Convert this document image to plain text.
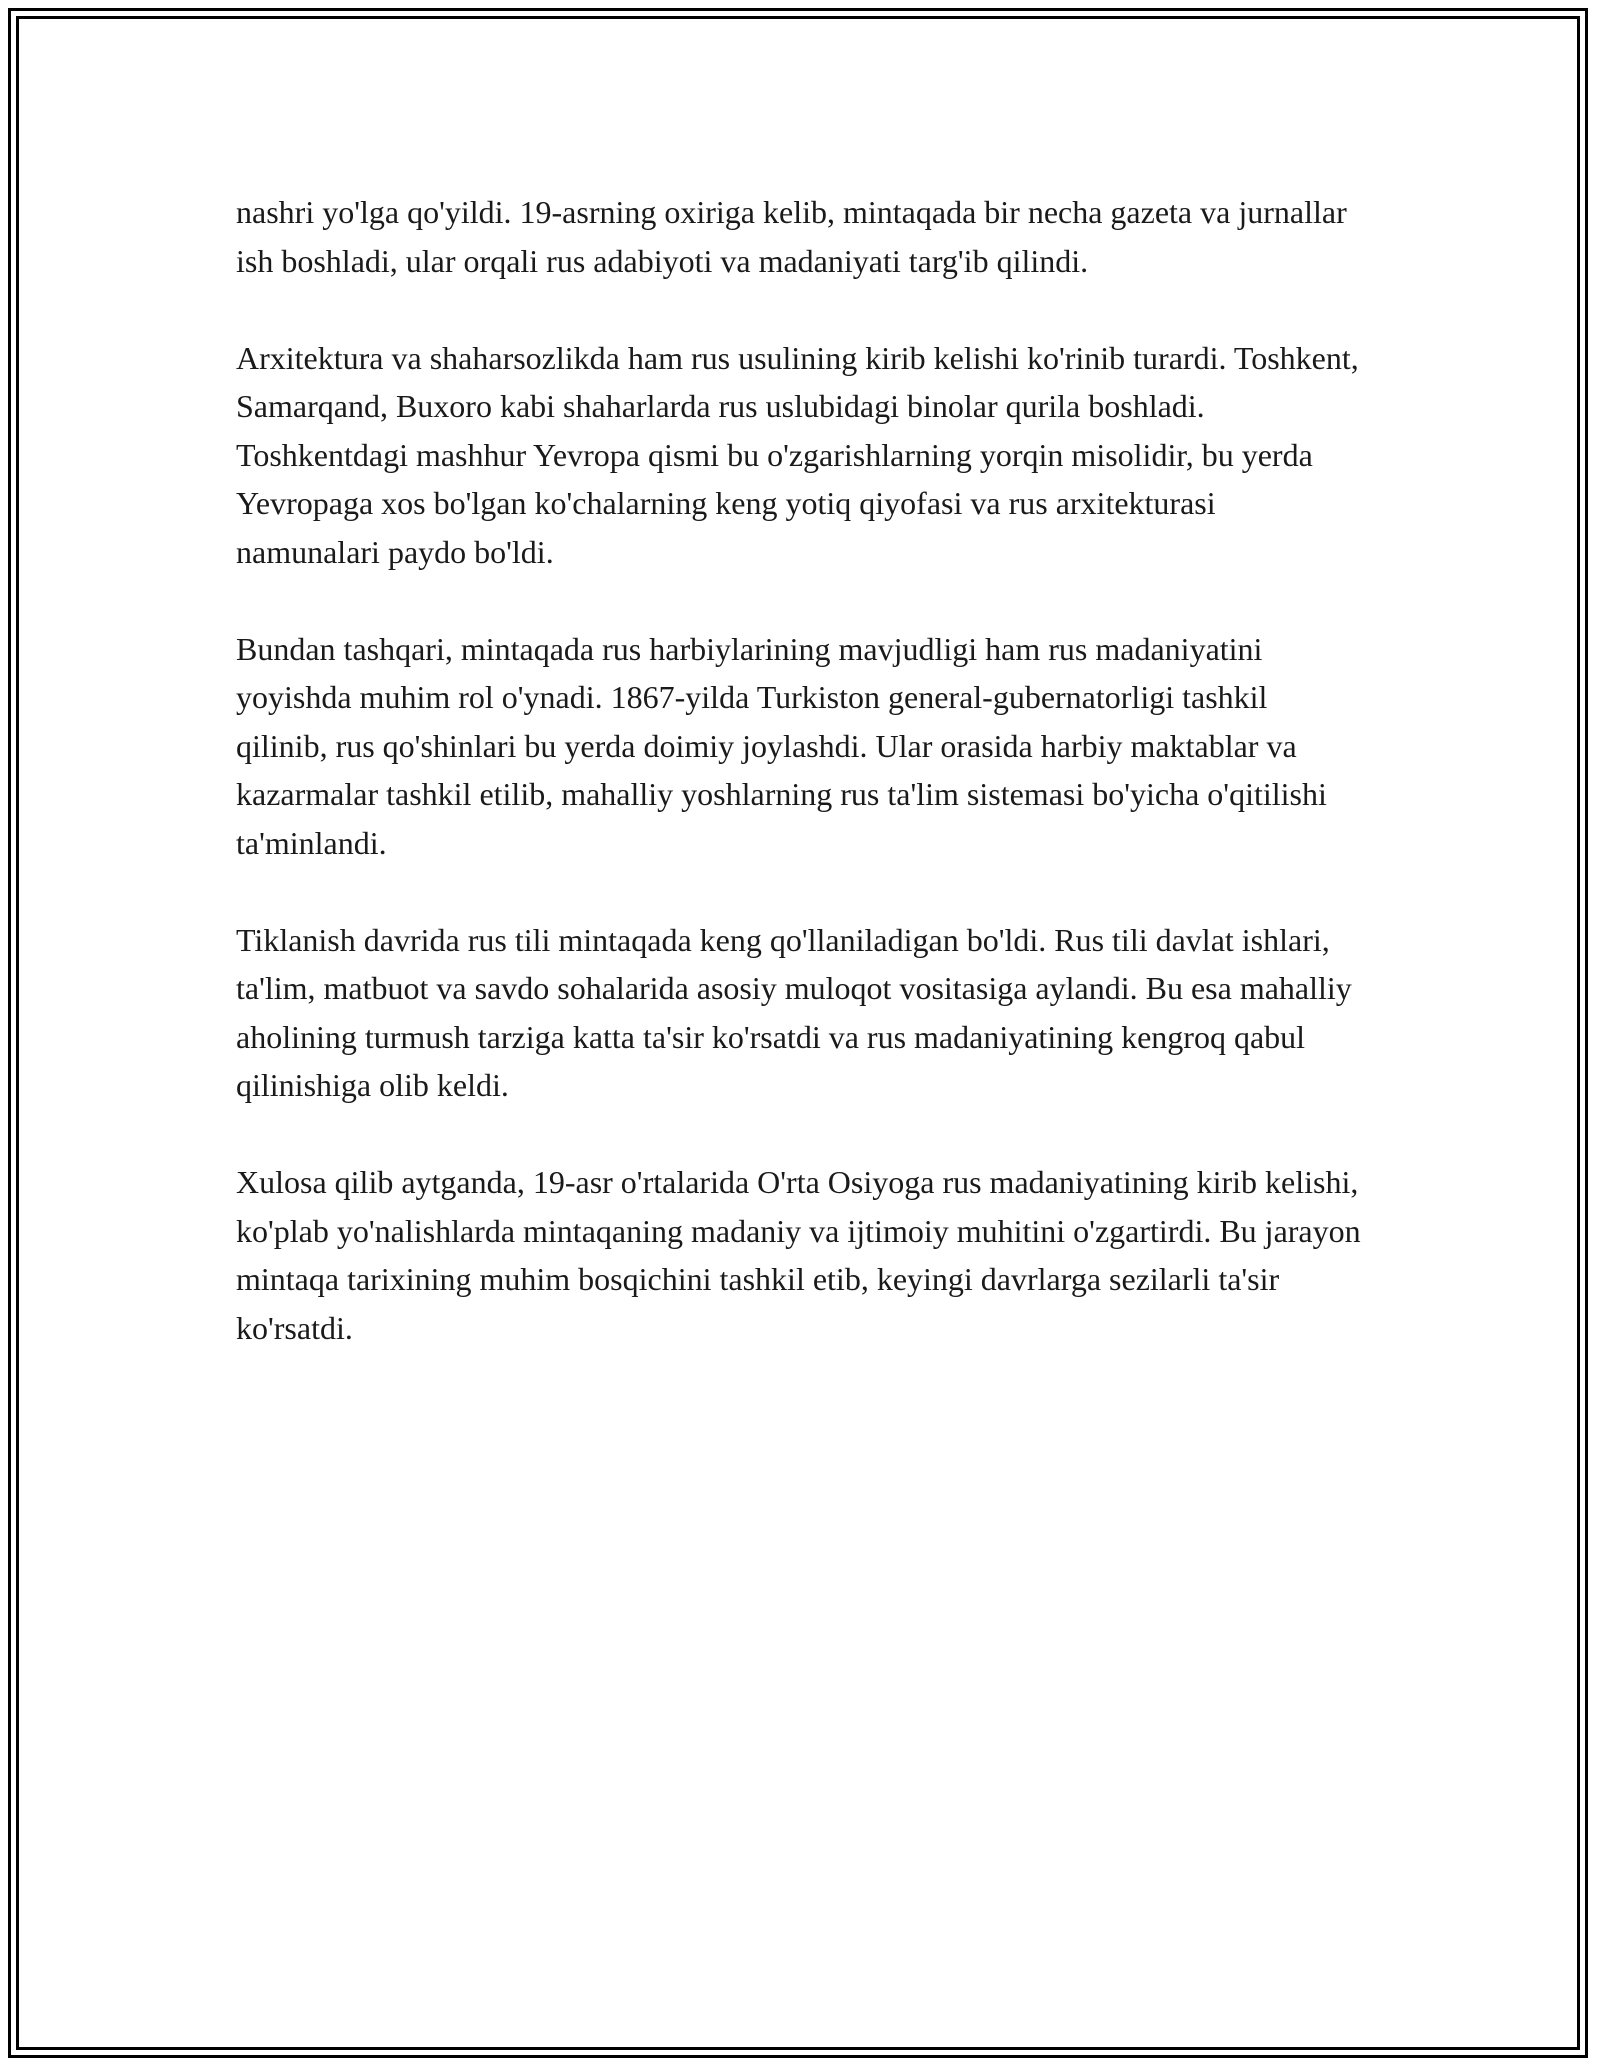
nashri yo'lga qo'yildi. 19-asrning oxiriga kelib, mintaqada bir necha gazeta va jurnallar ish boshladi, ular orqali rus adabiyoti va madaniyati targ'ib qilindi.

Arxitektura va shaharsozlikda ham rus usulining kirib kelishi ko'rinib turardi. Toshkent, Samarqand, Buxoro kabi shaharlarda rus uslubidagi binolar qurila boshladi. Toshkentdagi mashhur Yevropa qismi bu o'zgarishlarning yorqin misolidir, bu yerda Yevropaga xos bo'lgan ko'chalarning keng yotiq qiyofasi va rus arxitekturasi namunalari paydo bo'ldi.

Bundan tashqari, mintaqada rus harbiylarining mavjudligi ham rus madaniyatini yoyishda muhim rol o'ynadi. 1867-yilda Turkiston general-gubernatorligi tashkil qilinib, rus qo'shinlari bu yerda doimiy joylashdi. Ular orasida harbiy maktablar va kazarmalar tashkil etilib, mahalliy yoshlarning rus ta'lim sistemasi bo'yicha o'qitilishi ta'minlandi.

Tiklanish davrida rus tili mintaqada keng qo'llaniladigan bo'ldi. Rus tili davlat ishlari, ta'lim, matbuot va savdo sohalarida asosiy muloqot vositasiga aylandi. Bu esa mahalliy aholining turmush tarziga katta ta'sir ko'rsatdi va rus madaniyatining kengroq qabul qilinishiga olib keldi.

Xulosa qilib aytganda, 19-asr o'rtalarida O'rta Osiyoga rus madaniyatining kirib kelishi, ko'plab yo'nalishlarda mintaqaning madaniy va ijtimoiy muhitini o'zgartirdi. Bu jarayon mintaqa tarixining muhim bosqichini tashkil etib, keyingi davrlarga sezilarli ta'sir ko'rsatdi.
